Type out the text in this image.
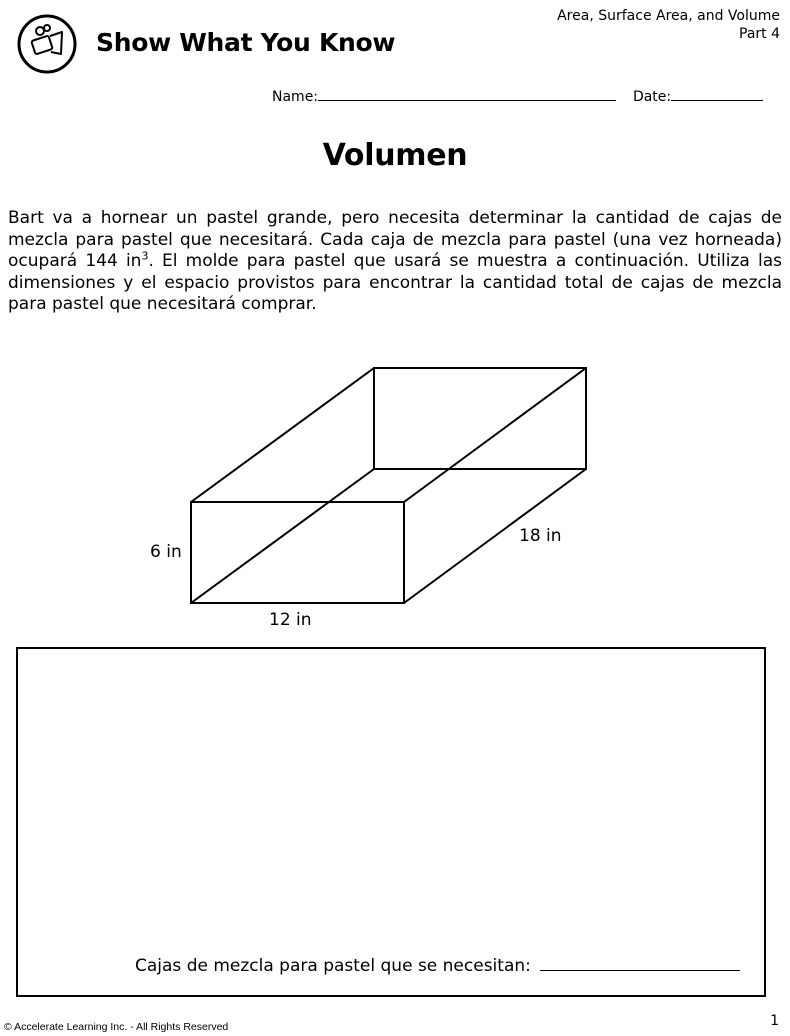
Show What You Know
Area, Surface Area, and Volume
Part 4
Name:	Date:
Volumen
Bart va a hornear un pastel grande, pero necesita determinar la cantidad de cajas de mezcla para pastel que necesitará. Cada caja de mezcla para pastel (una vez horneada) ocupará 144 $in^3$. El molde para pastel que usará se muestra a continuación. Utiliza las dimensiones y el espacio provistos para encontrar la cantidad total de cajas de mezcla para pastel que necesitará comprar.
6 in
12 in
18 in
Cajas de mezcla para pastel que se necesitan:
© Accelerate Learning Inc. - All Rights Reserved	1
